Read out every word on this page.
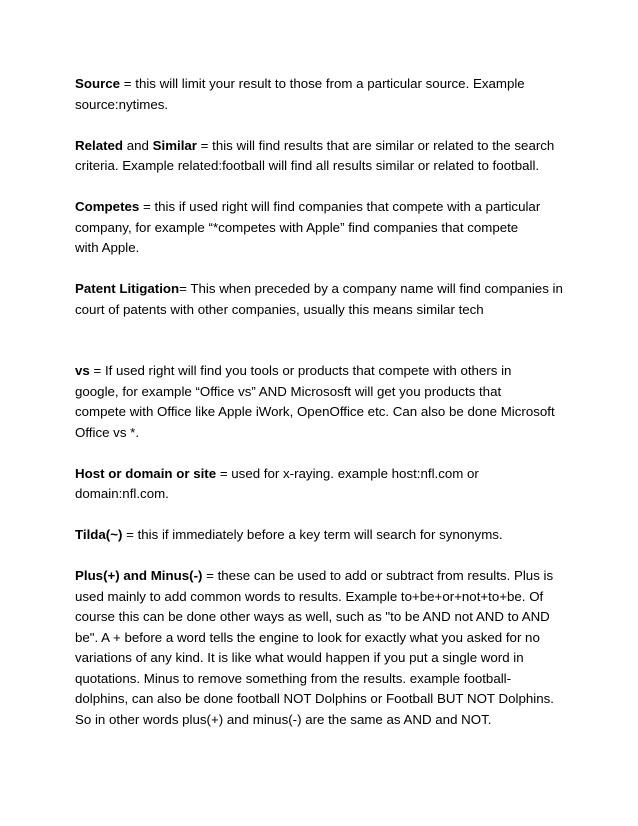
Source = this will limit your result to those from a particular source. Example
source:nytimes.

Related and Similar = this will find results that are similar or related to the search
criteria. Example related:football will find all results similar or related to football.

Competes = this if used right will find companies that compete with a particular
company, for example “*competes with Apple” find companies that compete
with Apple.

Patent Litigation= This when preceded by a company name will find companies in
court of patents with other companies, usually this means similar tech

vs = If used right will find you tools or products that compete with others in
google, for example “Office vs” AND Micrososft will get you products that
compete with Office like Apple iWork, OpenOffice etc. Can also be done Microsoft
Office vs *.

Host or domain or site = used for x-raying. example host:nfl.com or
domain:nfl.com.

Tilda(~) = this if immediately before a key term will search for synonyms.

Plus(+) and Minus(-) = these can be used to add or subtract from results. Plus is
used mainly to add common words to results. Example to+be+or+not+to+be. Of
course this can be done other ways as well, such as "to be AND not AND to AND
be". A + before a word tells the engine to look for exactly what you asked for no
variations of any kind. It is like what would happen if you put a single word in
quotations. Minus to remove something from the results. example football-
dolphins, can also be done football NOT Dolphins or Football BUT NOT Dolphins.
So in other words plus(+) and minus(-) are the same as AND and NOT.
